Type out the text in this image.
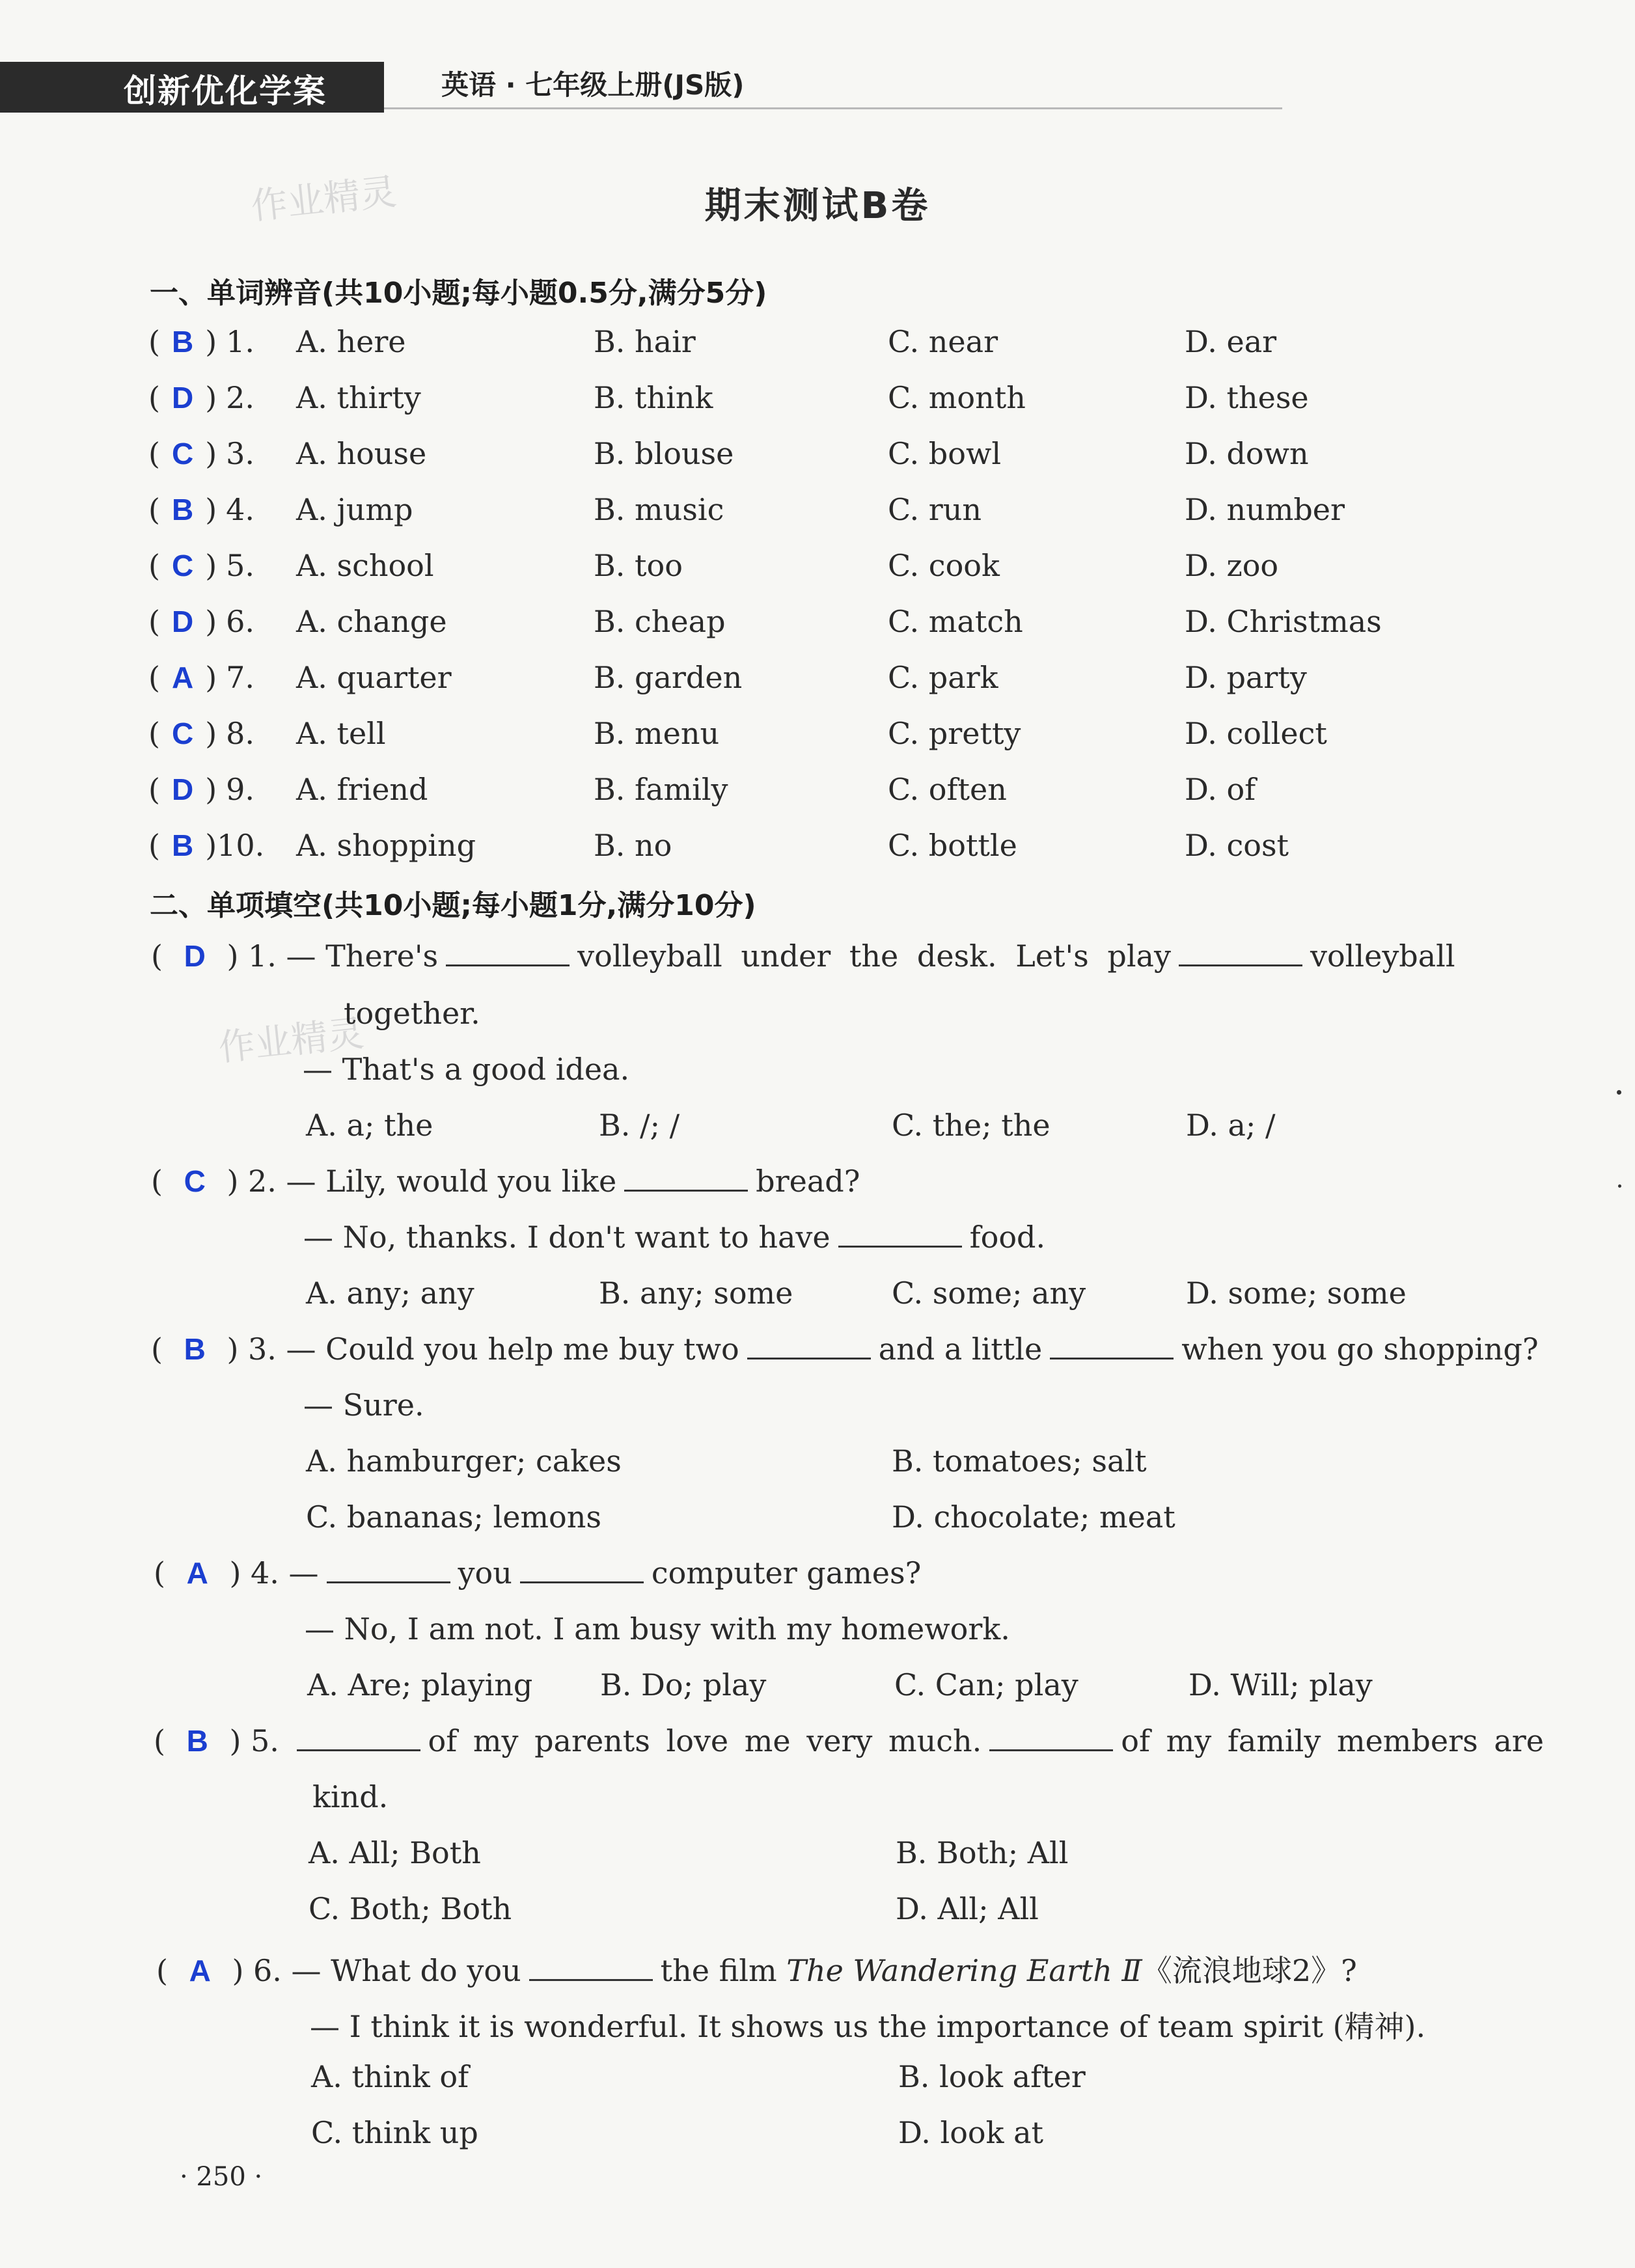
创新优化学案	英语 · 七年级上册(JS版)
作业精灵
作业精灵
期末测试B卷
一、单词辨音(共10小题;每小题0.5分,满分5分)
( B ) 1. A. here	B. hair	C. near	D. ear
( D ) 2. A. thirty	B. think	C. month	D. these
( C ) 3. A. house	B. blouse	C. bowl	D. down
( B ) 4. A. jump	B. music	C. run	D. number
( C ) 5. A. school	B. too	C. cook	D. zoo
( D ) 6. A. change	B. cheap	C. match	D. Christmas
( A ) 7. A. quarter	B. garden	C. park	D. party
( C ) 8. A. tell	B. menu	C. pretty	D. collect
( D ) 9. A. friend	B. family	C. often	D. of
( B )10. A. shopping	B. no	C. bottle	D. cost
二、单项填空(共10小题;每小题1分,满分10分)
( D ) 1. — There's	volleyball under the desk. Let's play	volleyball
together.
— That's a good idea.
A. a; the	B. /; /	C. the; the	D. a; /
( C ) 2. — Lily, would you like	bread?
— No, thanks. I don't want to have	food.
A. any; any	B. any; some	C. some; any	D. some; some
( B ) 3. — Could you help me buy two	and a little	when you go shopping?
— Sure.
A. hamburger; cakes	B. tomatoes; salt
C. bananas; lemons	D. chocolate; meat
( A ) 4. —	you	computer games?
— No, I am not. I am busy with my homework.
A. Are; playing B. Do; play	C. Can; play	D. Will; play
( B ) 5.	of my parents love me very much.	of my family members are
kind.
A. All; Both	B. Both; All
C. Both; Both	D. All; All
( A ) 6. — What do you	the film The Wandering Earth Ⅱ《流浪地球2》?
— I think it is wonderful. It shows us the importance of team spirit (精神).
A. think of	B. look after
C. think up	D. look at
· 250 ·
